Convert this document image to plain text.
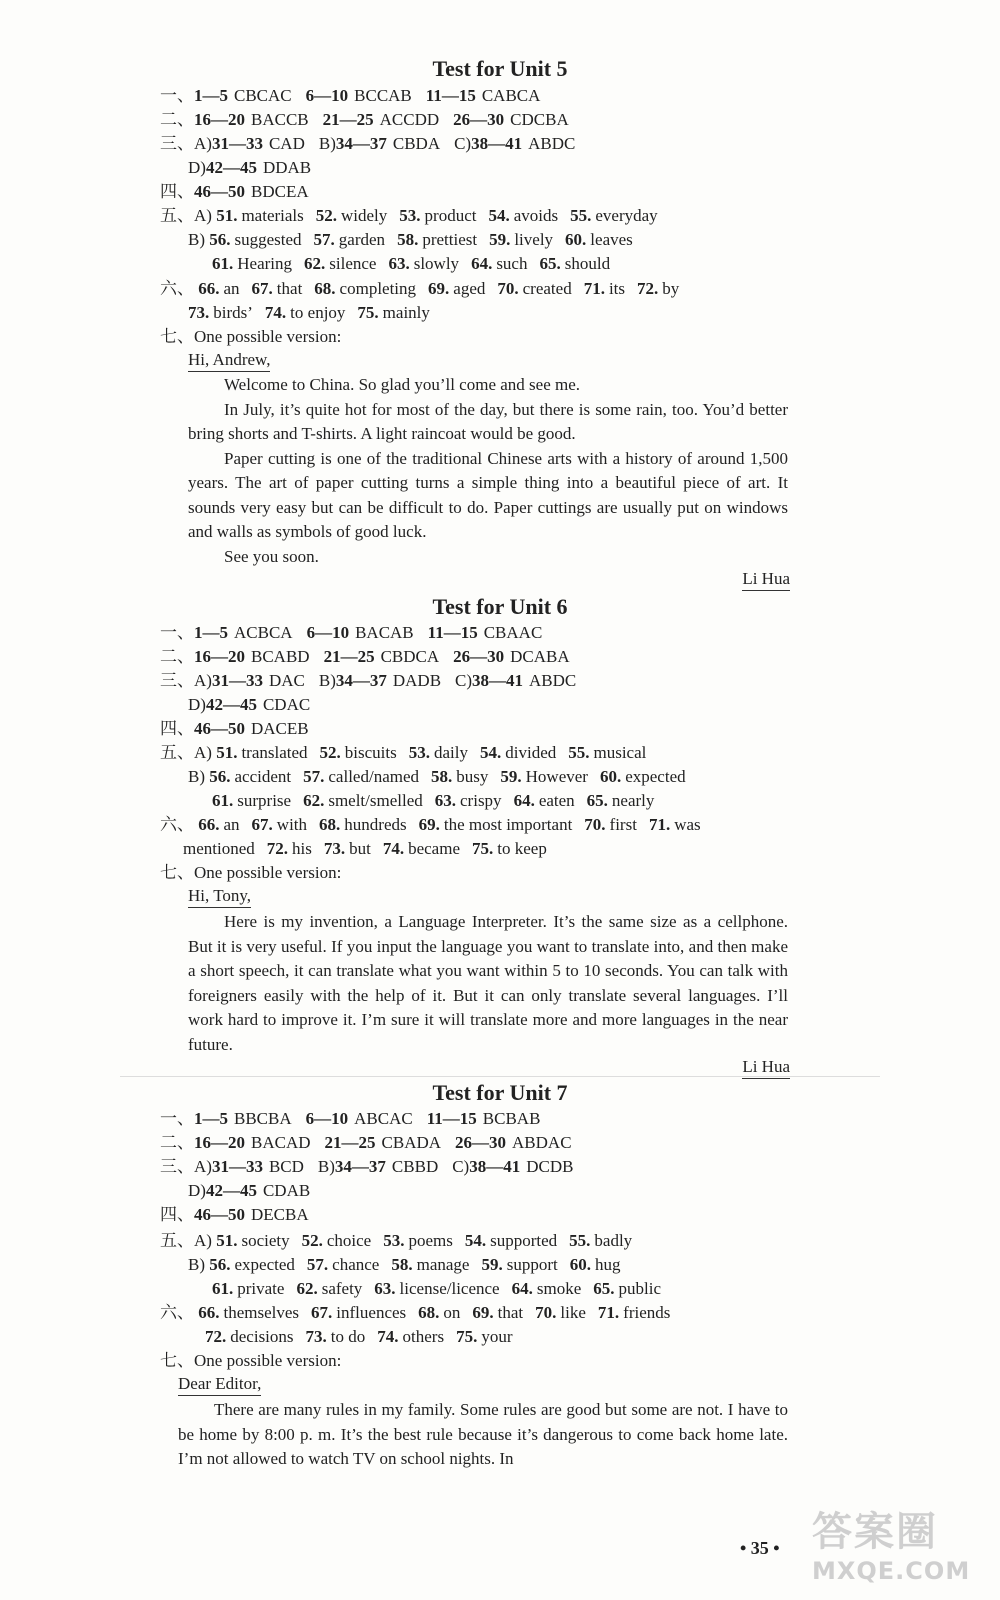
Test for Unit 5
一、1—5 CBCAC 6—10 BCCAB 11—15 CABCA
二、16—20 BACCB 21—25 ACCDD 26—30 CDCBA
三、A)31—33 CAD B)34—37 CBDA C)38—41 ABDC
D)42—45 DDAB
四、46—50 BDCEA
五、A) 51. materials 52. widely 53. product 54. avoids 55. everyday
B) 56. suggested 57. garden 58. prettiest 59. lively 60. leaves
61. Hearing 62. silence 63. slowly 64. such 65. should
六、 66. an 67. that 68. completing 69. aged 70. created 71. its 72. by
73. birds’ 74. to enjoy 75. mainly
七、One possible version:
Hi, Andrew,

Welcome to China. So glad you’ll come and see me.

In July, it’s quite hot for most of the day, but there is some rain, too. You’d better bring shorts and T-shirts. A light raincoat would be good.

Paper cutting is one of the traditional Chinese arts with a history of around 1,500 years. The art of paper cutting turns a simple thing into a beautiful piece of art. It sounds very easy but can be difficult to do. Paper cuttings are usually put on windows and walls as symbols of good luck.

See you soon.

Li Hua
Test for Unit 6
一、1—5 ACBCA 6—10 BACAB 11—15 CBAAC
二、16—20 BCABD 21—25 CBDCA 26—30 DCABA
三、A)31—33 DAC B)34—37 DADB C)38—41 ABDC
D)42—45 CDAC
四、46—50 DACEB
五、A) 51. translated 52. biscuits 53. daily 54. divided 55. musical
B) 56. accident 57. called/named 58. busy 59. However 60. expected
61. surprise 62. smelt/smelled 63. crispy 64. eaten 65. nearly
六、 66. an 67. with 68. hundreds 69. the most important 70. first 71. was
mentioned 72. his 73. but 74. became 75. to keep
七、One possible version:
Hi, Tony,

Here is my invention, a Language Interpreter. It’s the same size as a cellphone. But it is very useful. If you input the language you want to translate into, and then make a short speech, it can translate what you want within 5 to 10 seconds. You can talk with foreigners easily with the help of it. But it can only translate several languages. I’ll work hard to improve it. I’m sure it will translate more and more languages in the near future.

Li Hua
Test for Unit 7
一、1—5 BBCBA 6—10 ABCAC 11—15 BCBAB
二、16—20 BACAD 21—25 CBADA 26—30 ABDAC
三、A)31—33 BCD B)34—37 CBBD C)38—41 DCDB
D)42—45 CDAB
四、46—50 DECBA
五、A) 51. society 52. choice 53. poems 54. supported 55. badly
B) 56. expected 57. chance 58. manage 59. support 60. hug
61. private 62. safety 63. license/licence 64. smoke 65. public
六、 66. themselves 67. influences 68. on 69. that 70. like 71. friends
72. decisions 73. to do 74. others 75. your
七、One possible version:
Dear Editor,

There are many rules in my family. Some rules are good but some are not. I have to be home by 8:00 p. m. It’s the best rule because it’s dangerous to come back home late. I’m not allowed to watch TV on school nights. In

• 35 • 答案圈
MXQE.COM
